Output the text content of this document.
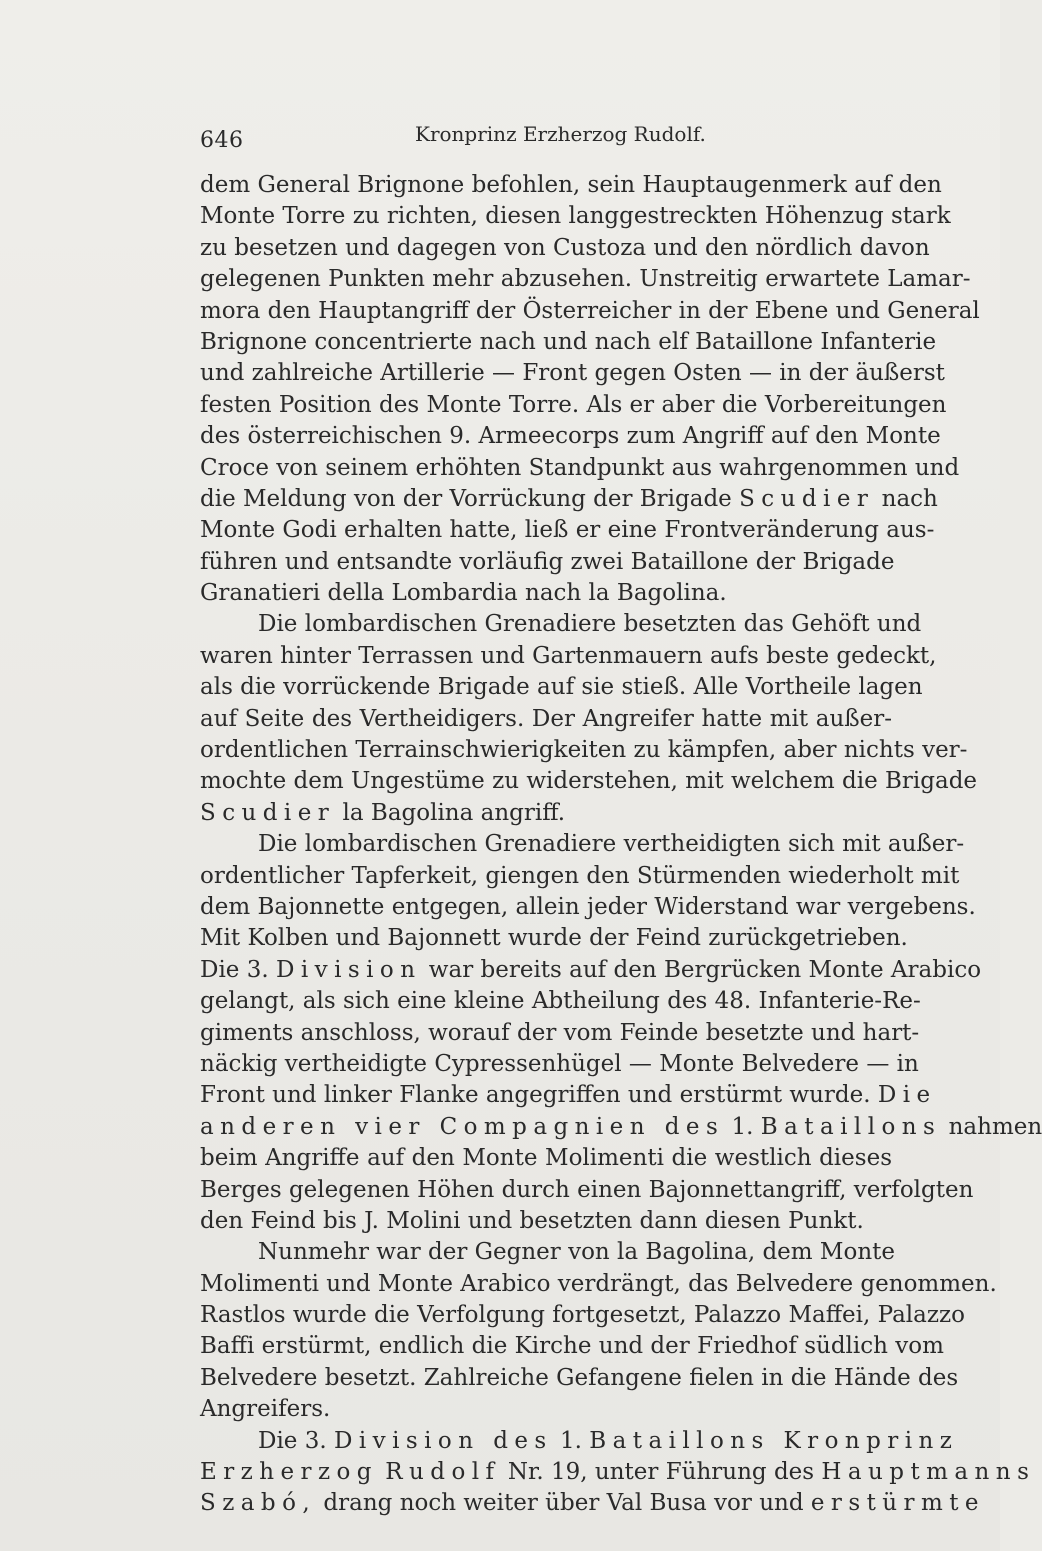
646	Kronprinz Erzherzog Rudolf.
dem General Brignone befohlen, sein Hauptaugenmerk auf den
Monte Torre zu richten, diesen langgestreckten Höhenzug stark
zu besetzen und dagegen von Custoza und den nördlich davon
gelegenen Punkten mehr abzusehen. Unstreitig erwartete Lamar-
mora den Hauptangriff der Österreicher in der Ebene und General
Brignone concentrierte nach und nach elf Bataillone Infanterie
und zahlreiche Artillerie — Front gegen Osten — in der äußerst
festen Position des Monte Torre. Als er aber die Vorbereitungen
des österreichischen 9. Armeecorps zum Angriff auf den Monte
Croce von seinem erhöhten Standpunkt aus wahrgenommen und
die Meldung von der Vorrückung der Brigade Scudier nach
Monte Godi erhalten hatte, ließ er eine Frontveränderung aus-
führen und entsandte vorläufig zwei Bataillone der Brigade
Granatieri della Lombardia nach la Bagolina.
Die lombardischen Grenadiere besetzten das Gehöft und
waren hinter Terrassen und Gartenmauern aufs beste gedeckt,
als die vorrückende Brigade auf sie stieß. Alle Vortheile lagen
auf Seite des Vertheidigers. Der Angreifer hatte mit außer-
ordentlichen Terrainschwierigkeiten zu kämpfen, aber nichts ver-
mochte dem Ungestüme zu widerstehen, mit welchem die Brigade
Scudier la Bagolina angriff.
Die lombardischen Grenadiere vertheidigten sich mit außer-
ordentlicher Tapferkeit, giengen den Stürmenden wiederholt mit
dem Bajonnette entgegen, allein jeder Widerstand war vergebens.
Mit Kolben und Bajonnett wurde der Feind zurückgetrieben.
Die 3. Division war bereits auf den Bergrücken Monte Arabico
gelangt, als sich eine kleine Abtheilung des 48. Infanterie-Re-
giments anschloss, worauf der vom Feinde besetzte und hart-
näckig vertheidigte Cypressenhügel — Monte Belvedere — in
Front und linker Flanke angegriffen und erstürmt wurde. Die
anderen vier Compagnien des 1. Bataillons nahmen
beim Angriffe auf den Monte Molimenti die westlich dieses
Berges gelegenen Höhen durch einen Bajonnettangriff, verfolgten
den Feind bis J. Molini und besetzten dann diesen Punkt.
Nunmehr war der Gegner von la Bagolina, dem Monte
Molimenti und Monte Arabico verdrängt, das Belvedere genommen.
Rastlos wurde die Verfolgung fortgesetzt, Palazzo Maffei, Palazzo
Baffi erstürmt, endlich die Kirche und der Friedhof südlich vom
Belvedere besetzt. Zahlreiche Gefangene fielen in die Hände des
Angreifers.
Die 3. Division des 1. Bataillons Kronprinz
Erzherzog Rudolf Nr. 19, unter Führung des Hauptmanns
Szabó, drang noch weiter über Val Busa vor und erstürmte
